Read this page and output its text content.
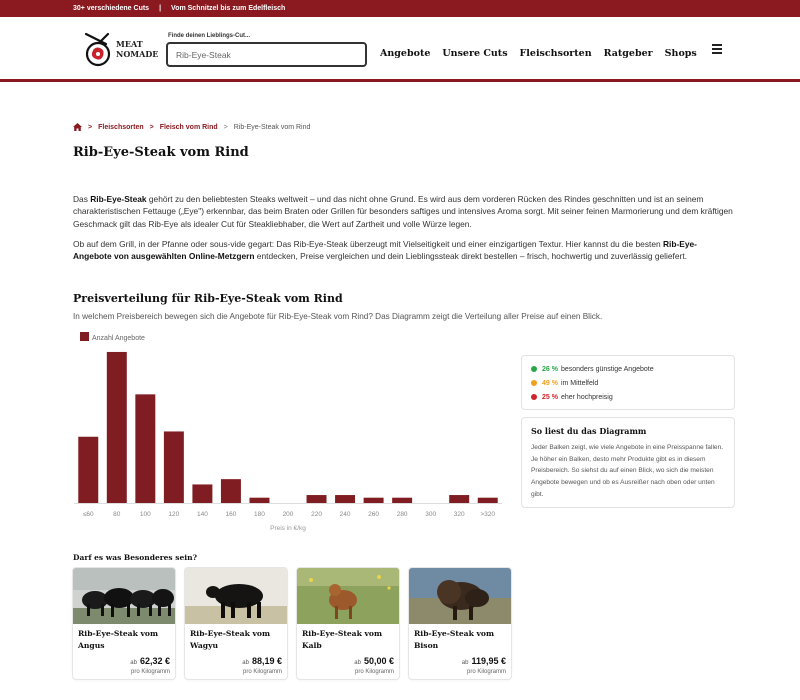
30+ verschiedene Cuts | Vom Schnitzel bis zum Edelfleisch
MEAT
NOMADE
Finde deinen Lieblings-Cut...
Rib-Eye-Steak
Angebote Unsere Cuts Fleischsorten Ratgeber Shops
> Fleischsorten > Fleisch vom Rind > Rib-Eye-Steak vom Rind
Rib-Eye-Steak vom Rind

Das Rib-Eye-Steak gehört zu den beliebtesten Steaks weltweit – und das nicht ohne Grund. Es wird aus dem vorderen Rücken des Rindes geschnitten und ist an seinem charakteristischen Fettauge („Eye") erkennbar, das beim Braten oder Grillen für besonders saftiges und intensives Aroma sorgt. Mit seiner feinen Marmorierung und dem kräftigen Geschmack gilt das Rib-Eye als idealer Cut für Steakliebhaber, die Wert auf Zartheit und volle Würze legen.

Ob auf dem Grill, in der Pfanne oder sous-vide gegart: Das Rib-Eye-Steak überzeugt mit Vielseitigkeit und einer einzigartigen Textur. Hier kannst du die besten Rib-Eye-Angebote von ausgewählten Online-Metzgern entdecken, Preise vergleichen und dein Lieblingssteak direkt bestellen – frisch, hochwertig und zuverlässig geliefert.

Preisverteilung für Rib-Eye-Steak vom Rind
In welchem Preisbereich bewegen sich die Angebote für Rib-Eye-Steak vom Rind? Das Diagramm zeigt die Verteilung aller Preise auf einen Blick.
Anzahl Angebote
≤60	80	100	120	140	160	180	200	220	240	260	280	300	320 >320
Preis in €/kg
26 % besonders günstige Angebote
49 % im Mittelfeld
25 % eher hochpreisig
So liest du das Diagramm
Jeder Balken zeigt, wie viele Angebote in eine Preisspanne fallen. Je höher ein Balken, desto mehr Produkte gibt es in diesem Preisbereich. So siehst du auf einen Blick, wo sich die meisten Angebote bewegen und ob es Ausreißer nach oben oder unten gibt.
Darf es was Besonderes sein?
Rib-Eye-Steak vom Angus
ab 62,32 €
pro Kilogramm
Rib-Eye-Steak vom Wagyu
ab 88,19 €
pro Kilogramm
Rib-Eye-Steak vom Kalb
ab 50,00 €
pro Kilogramm
Rib-Eye-Steak vom Bison
ab 119,95 €
pro Kilogramm
